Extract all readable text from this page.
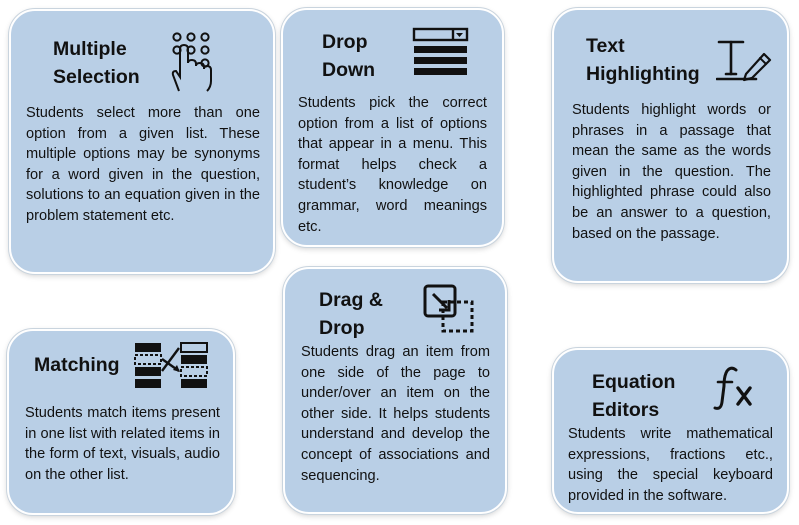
Multiple Selection
Students select more than one option from a given list. These multiple options may be synonyms for a word given in the question, solutions to an equation given in the problem statement etc.
Drop Down
Students pick the correct option from a list of options that appear in a menu. This format helps check a student’s knowledge on grammar, word meanings etc.
Text Highlighting
Students highlight words or phrases in a passage that mean the same as the words given in the question. The highlighted phrase could also be an answer to a question, based on the passage.
Matching
Students match items present in one list with related items in the form of text, visuals, audio on the other list.
Drag & Drop
Students drag an item from one side of the page to under/over an item on the other side. It helps students understand and develop the concept of associations and sequencing.
Equation Editors
Students write mathematical expressions, fractions etc., using the special keyboard provided in the software.
